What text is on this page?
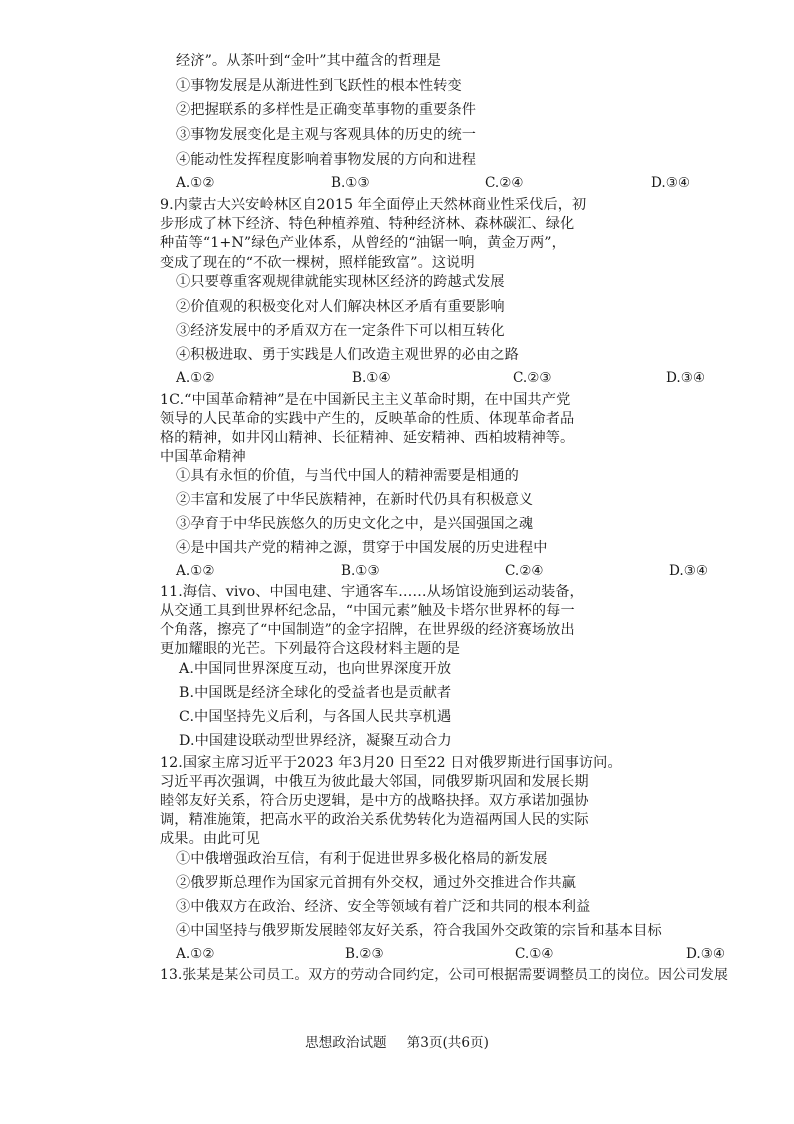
经济”。从茶叶到“金叶”其中蕴含的哲理是
①事物发展是从渐进性到飞跃性的根本性转变
②把握联系的多样性是正确变革事物的重要条件
③事物发展变化是主观与客观具体的历史的统一
④能动性发挥程度影响着事物发展的方向和进程
A.①②	B.①③	C.②④	D.③④
9.内蒙古大兴安岭林区自2015 年全面停止天然林商业性采伐后，初
步形成了林下经济、特色种植养殖、特种经济林、森林碳汇、绿化
种苗等“1+N”绿色产业体系，从曾经的“油锯一响，黄金万两”，
变成了现在的“不砍一棵树，照样能致富”。这说明
①只要尊重客观规律就能实现林区经济的跨越式发展
②价值观的积极变化对人们解决林区矛盾有重要影响
③经济发展中的矛盾双方在一定条件下可以相互转化
④积极进取、勇于实践是人们改造主观世界的必由之路
A.①②	B.①④	C.②③	D.③④
1C.“中国革命精神”是在中国新民主主义革命时期，在中国共产党
领导的人民革命的实践中产生的，反映革命的性质、体现革命者品
格的精神，如井冈山精神、长征精神、延安精神、西柏坡精神等。
中国革命精神
①具有永恒的价值，与当代中国人的精神需要是相通的
②丰富和发展了中华民族精神，在新时代仍具有积极意义
③孕育于中华民族悠久的历史文化之中，是兴国强国之魂
④是中国共产党的精神之源，贯穿于中国发展的历史进程中
A.①②	B.①③	C.②④	D.③④
11.海信、vivo、中国电建、宇通客车……从场馆设施到运动装备，
从交通工具到世界杯纪念品，“中国元素”触及卡塔尔世界杯的每一
个角落，擦亮了“中国制造”的金字招牌，在世界级的经济赛场放出
更加耀眼的光芒。下列最符合这段材料主题的是
A.中国同世界深度互动，也向世界深度开放
B.中国既是经济全球化的受益者也是贡献者
C.中国坚持先义后利，与各国人民共享机遇
D.中国建设联动型世界经济，凝聚互动合力
12.国家主席习近平于2023 年3月20 日至22 日对俄罗斯进行国事访问。
习近平再次强调，中俄互为彼此最大邻国，同俄罗斯巩固和发展长期
睦邻友好关系，符合历史逻辑，是中方的战略抉择。双方承诺加强协
调，精准施策，把高水平的政治关系优势转化为造福两国人民的实际
成果。由此可见
①中俄增强政治互信，有利于促进世界多极化格局的新发展
②俄罗斯总理作为国家元首拥有外交权，通过外交推进合作共赢
③中俄双方在政治、经济、安全等领域有着广泛和共同的根本利益
④中国坚持与俄罗斯发展睦邻友好关系，符合我国外交政策的宗旨和基本目标
A.①②	B.②③	C.①④	D.③④
13.张某是某公司员工。双方的劳动合同约定，公司可根据需要调整员工的岗位。因公司发展
思想政治试题 第3页(共6页)
